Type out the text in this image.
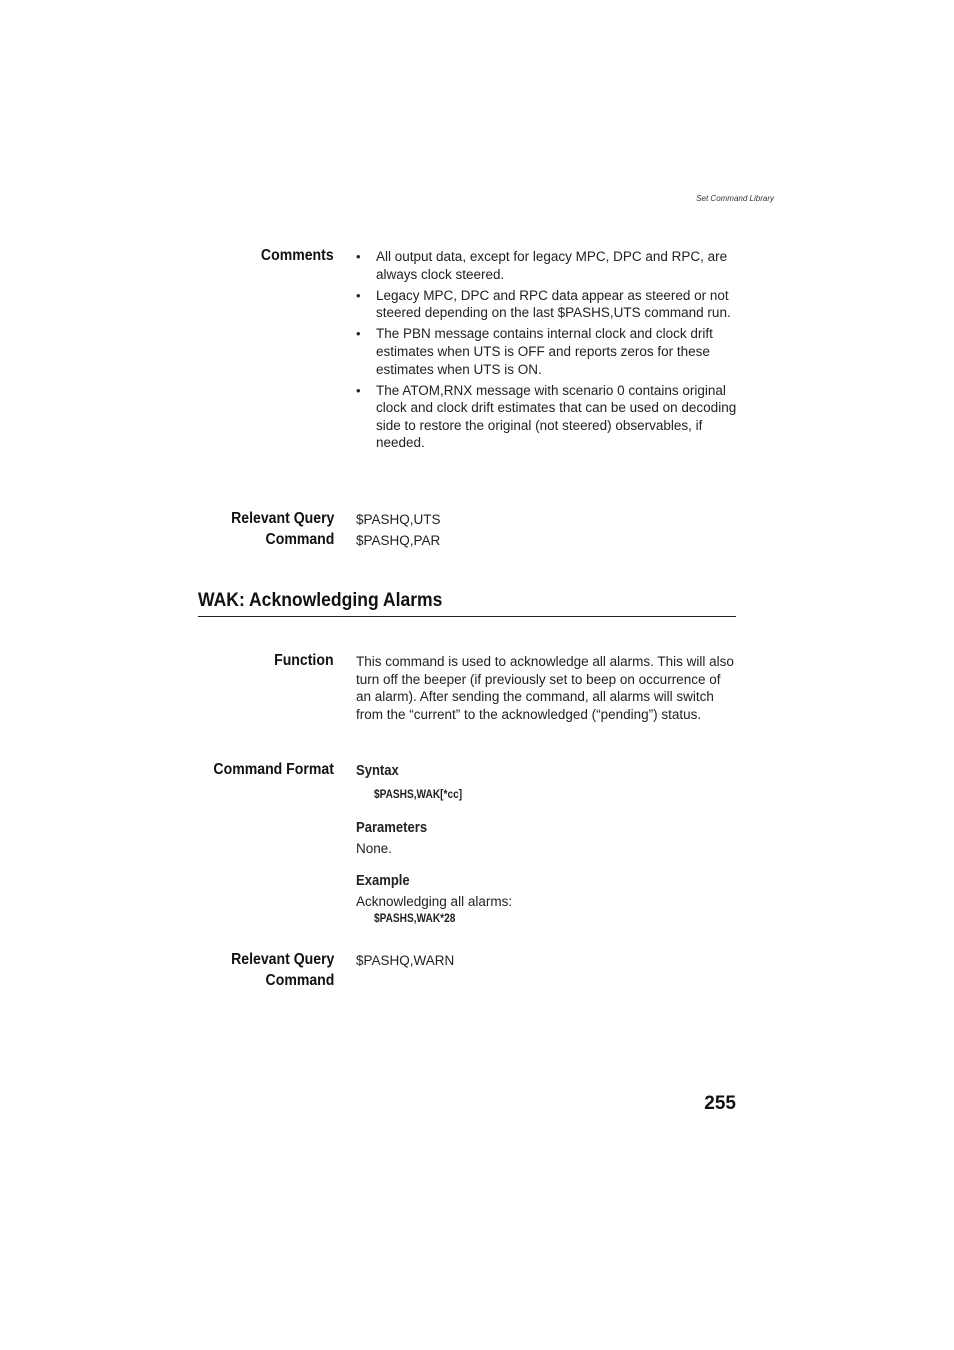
Set Command Library
Comments
•	All output data, except for legacy MPC, DPC and RPC, are always clock steered.
• Legacy MPC, DPC and RPC data appear as steered or not steered depending on the last $PASHS,UTS command run.
• The PBN message contains internal clock and clock drift estimates when UTS is OFF and reports zeros for these estimates when UTS is ON.
• The ATOM,RNX message with scenario 0 contains original clock and clock drift estimates that can be used on decoding side to restore the original (not steered) observables, if needed.
Relevant Query
Command
$PASHQ,UTS
$PASHQ,PAR
WAK: Acknowledging Alarms
Function This command is used to acknowledge all alarms. This will also turn off the beeper (if previously set to beep on occurrence of an alarm). After sending the command, all alarms will switch from the “current” to the acknowledged (“pending”) status.
Command Format Syntax
$PASHS,WAK[*cc]
Parameters
None.
Example
Acknowledging all alarms:
$PASHS,WAK*28
Relevant Query
Command
$PASHQ,WARN
255
